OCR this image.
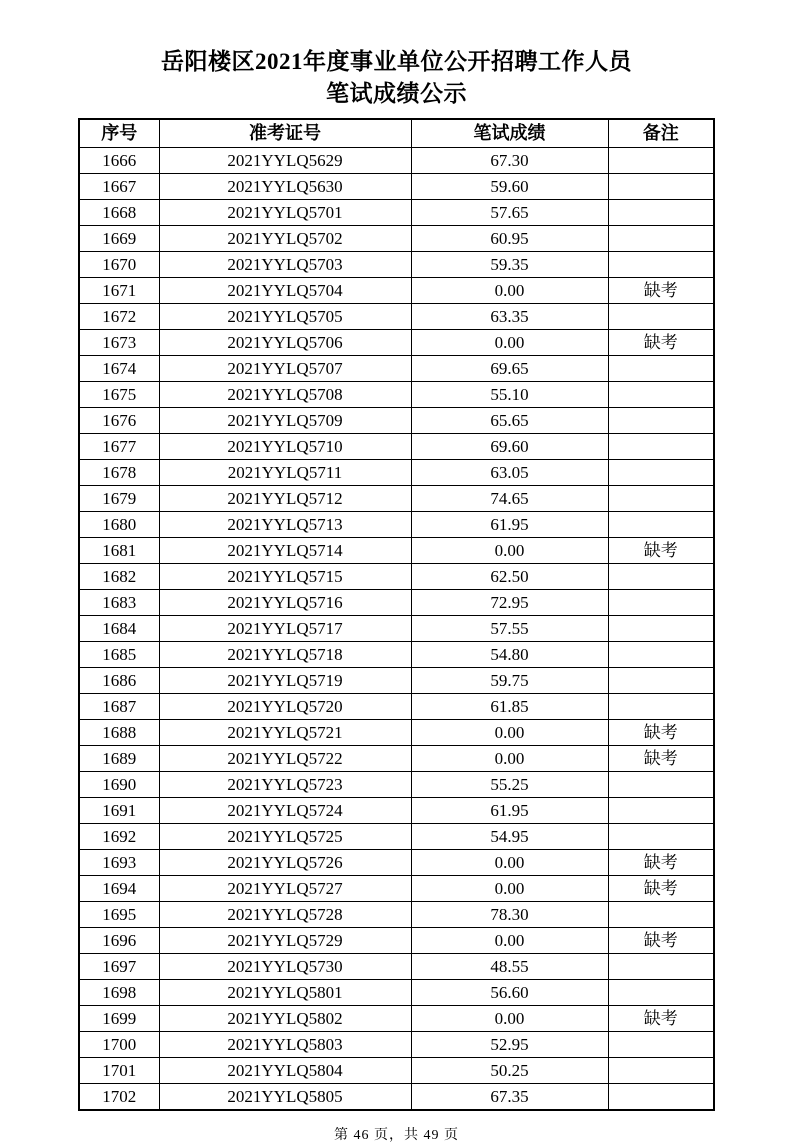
岳阳楼区2021年度事业单位公开招聘工作人员
笔试成绩公示
序号	准考证号	笔试成绩	备注
1666	2021YYLQ5629	67.30	
1667	2021YYLQ5630	59.60	
1668	2021YYLQ5701	57.65	
1669	2021YYLQ5702	60.95	
1670	2021YYLQ5703	59.35	
1671	2021YYLQ5704	0.00	缺考
1672	2021YYLQ5705	63.35	
1673	2021YYLQ5706	0.00	缺考
1674	2021YYLQ5707	69.65	
1675	2021YYLQ5708	55.10	
1676	2021YYLQ5709	65.65	
1677	2021YYLQ5710	69.60	
1678	2021YYLQ5711	63.05	
1679	2021YYLQ5712	74.65	
1680	2021YYLQ5713	61.95	
1681	2021YYLQ5714	0.00	缺考
1682	2021YYLQ5715	62.50	
1683	2021YYLQ5716	72.95	
1684	2021YYLQ5717	57.55	
1685	2021YYLQ5718	54.80	
1686	2021YYLQ5719	59.75	
1687	2021YYLQ5720	61.85	
1688	2021YYLQ5721	0.00	缺考
1689	2021YYLQ5722	0.00	缺考
1690	2021YYLQ5723	55.25	
1691	2021YYLQ5724	61.95	
1692	2021YYLQ5725	54.95	
1693	2021YYLQ5726	0.00	缺考
1694	2021YYLQ5727	0.00	缺考
1695	2021YYLQ5728	78.30	
1696	2021YYLQ5729	0.00	缺考
1697	2021YYLQ5730	48.55	
1698	2021YYLQ5801	56.60	
1699	2021YYLQ5802	0.00	缺考
1700	2021YYLQ5803	52.95	
1701	2021YYLQ5804	50.25	
1702	2021YYLQ5805	67.35	
第 46 页，共 49 页
